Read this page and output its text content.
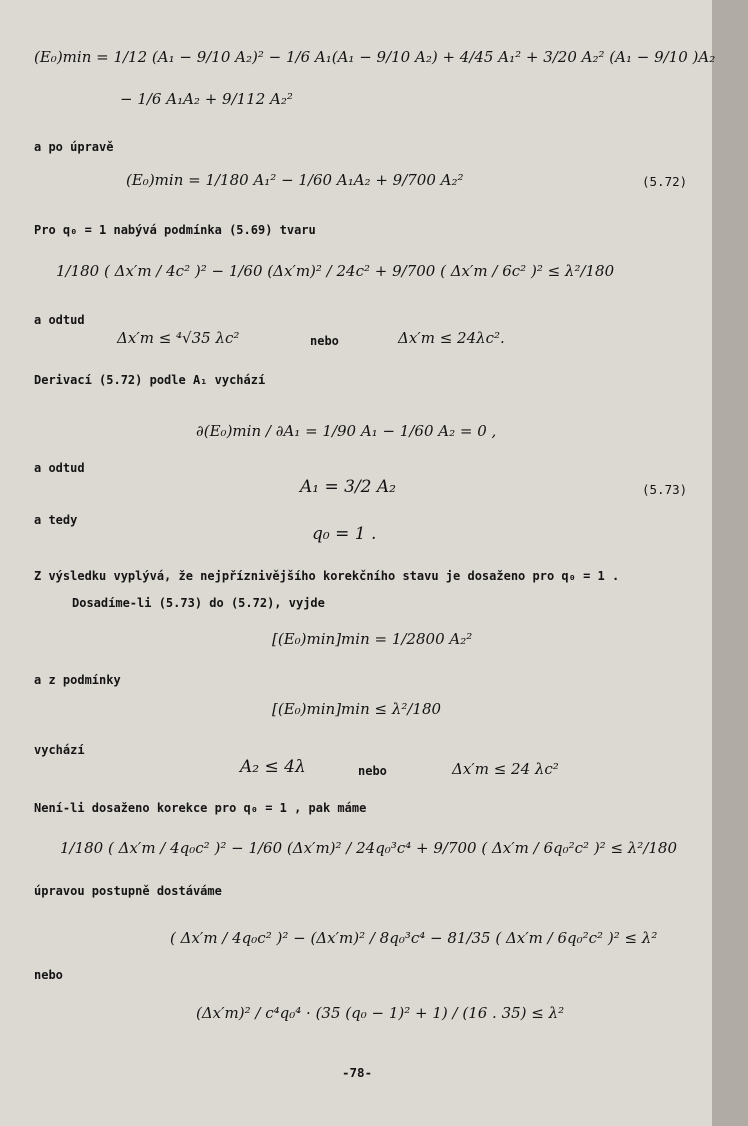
(E₀)min = 1/12 (A₁ − 9/10 A₂)² − 1/6 A₁(A₁ − 9/10 A₂) + 4/45 A₁² + 3/20 A₂² (A₁ − 9/10 )A₂
− 1/6 A₁A₂ + 9/112 A₂²
a po úpravě
(E₀)min = 1/180 A₁² − 1/60 A₁A₂ + 9/700 A₂²	(5.72)
Pro q₀ = 1 nabývá podmínka (5.69) tvaru
1/180 ( Δx′m / 4c² )² − 1/60 (Δx′m)² / 24c² + 9/700 ( Δx′m / 6c² )² ≤ λ²/180
a odtud
Δx′m ≤ ⁴√35 λc²	nebo	Δx′m ≤ 24λc².
Derivací (5.72) podle A₁ vychází
∂(E₀)min / ∂A₁ = 1/90 A₁ − 1/60 A₂ = 0 ,
a odtud
A₁ = 3/2 A₂	(5.73)
a tedy
q₀ = 1 .
Z výsledku vyplývá, že nejpříznivějšího korekčního stavu je dosaženo pro q₀ = 1 .
Dosadíme-li (5.73) do (5.72), vyjde
[(E₀)min]min = 1/2800 A₂²
a z podmínky
[(E₀)min]min ≤ λ²/180
vychází
A₂ ≤ 4λ	nebo	Δx′m ≤ 24 λc²
Není-li dosaženo korekce pro q₀ = 1 , pak máme
1/180 ( Δx′m / 4q₀c² )² − 1/60 (Δx′m)² / 24q₀³c⁴ + 9/700 ( Δx′m / 6q₀²c² )² ≤ λ²/180
úpravou postupně dostáváme
( Δx′m / 4q₀c² )² − (Δx′m)² / 8q₀³c⁴ − 81/35 ( Δx′m / 6q₀²c² )² ≤ λ²
nebo
(Δx′m)² / c⁴q₀⁴ · (35 (q₀ − 1)² + 1) / (16 . 35) ≤ λ²
-78-
